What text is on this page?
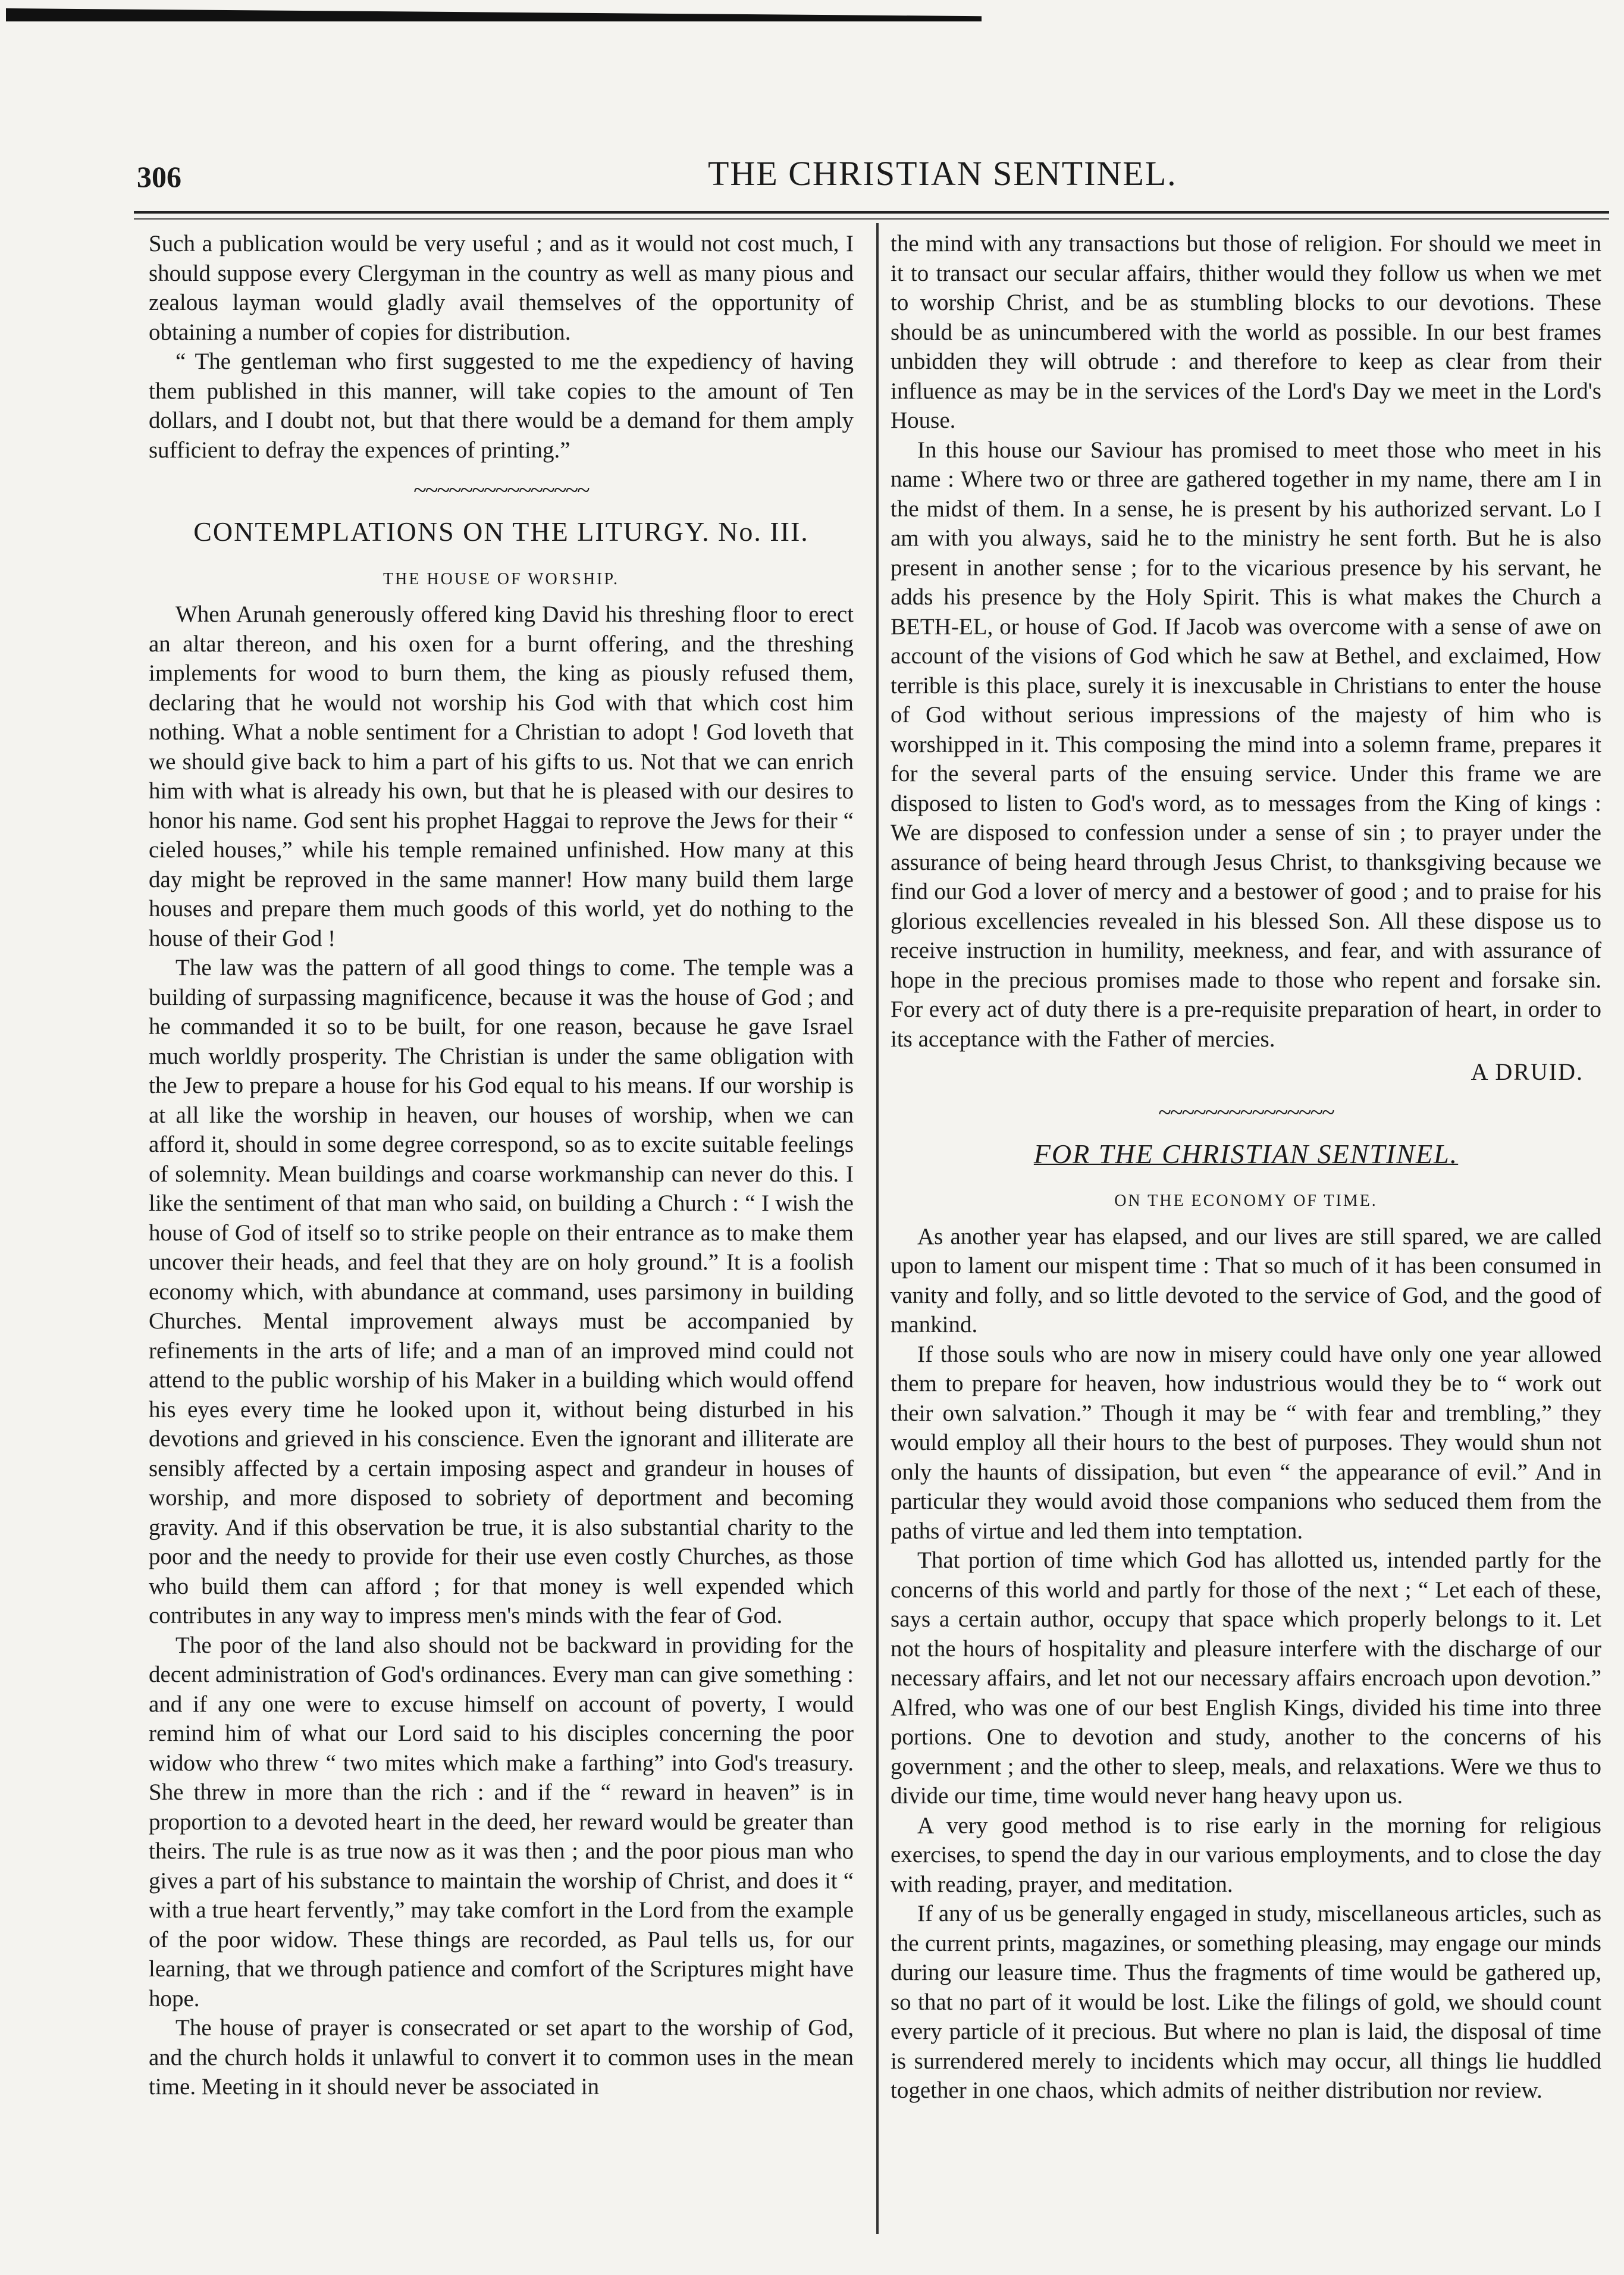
306	THE CHRISTIAN SENTINEL.

Such a publication would be very useful ; and as it would not cost much, I should suppose every Clergyman in the country as well as many pious and zealous layman would gladly avail themselves of the opportunity of obtaining a number of copies for distribution.

“ The gentleman who first suggested to me the expediency of having them published in this manner, will take copies to the amount of Ten dollars, and I doubt not, but that there would be a demand for them amply sufficient to defray the expences of printing.”

~~~~~~~~~~~~~~~
CONTEMPLATIONS ON THE LITURGY. No. III.
THE HOUSE OF WORSHIP.

When Arunah generously offered king David his threshing floor to erect an altar thereon, and his oxen for a burnt offering, and the threshing implements for wood to burn them, the king as piously refused them, declaring that he would not worship his God with that which cost him nothing. What a noble sentiment for a Christian to adopt ! God loveth that we should give back to him a part of his gifts to us. Not that we can enrich him with what is already his own, but that he is pleased with our desires to honor his name. God sent his prophet Haggai to reprove the Jews for their “ cieled houses,” while his temple remained unfinished. How many at this day might be reproved in the same manner! How many build them large houses and prepare them much goods of this world, yet do nothing to the house of their God !

The law was the pattern of all good things to come. The temple was a building of surpassing magnificence, because it was the house of God ; and he commanded it so to be built, for one reason, because he gave Israel much worldly prosperity. The Christian is under the same obligation with the Jew to prepare a house for his God equal to his means. If our worship is at all like the worship in heaven, our houses of worship, when we can afford it, should in some degree correspond, so as to excite suitable feelings of solemnity. Mean buildings and coarse workmanship can never do this. I like the sentiment of that man who said, on building a Church : “ I wish the house of God of itself so to strike people on their entrance as to make them uncover their heads, and feel that they are on holy ground.” It is a foolish economy which, with abundance at command, uses parsimony in building Churches. Mental improvement always must be accompanied by refinements in the arts of life; and a man of an improved mind could not attend to the public worship of his Maker in a building which would offend his eyes every time he looked upon it, without being disturbed in his devotions and grieved in his conscience. Even the ignorant and illiterate are sensibly affected by a certain imposing aspect and grandeur in houses of worship, and more disposed to sobriety of deportment and becoming gravity. And if this observation be true, it is also substantial charity to the poor and the needy to provide for their use even costly Churches, as those who build them can afford ; for that money is well expended which contributes in any way to impress men's minds with the fear of God.

The poor of the land also should not be backward in providing for the decent administration of God's ordinances. Every man can give something : and if any one were to excuse himself on account of poverty, I would remind him of what our Lord said to his disciples concerning the poor widow who threw “ two mites which make a farthing” into God's treasury. She threw in more than the rich : and if the “ reward in heaven” is in proportion to a devoted heart in the deed, her reward would be greater than theirs. The rule is as true now as it was then ; and the poor pious man who gives a part of his substance to maintain the worship of Christ, and does it “ with a true heart fervently,” may take comfort in the Lord from the example of the poor widow. These things are recorded, as Paul tells us, for our learning, that we through patience and comfort of the Scriptures might have hope.

The house of prayer is consecrated or set apart to the worship of God, and the church holds it unlawful to convert it to common uses in the mean time. Meeting in it should never be associated in

the mind with any transactions but those of religion. For should we meet in it to transact our secular affairs, thither would they follow us when we met to worship Christ, and be as stumbling blocks to our devotions. These should be as unincumbered with the world as possible. In our best frames unbidden they will obtrude : and therefore to keep as clear from their influence as may be in the services of the Lord's Day we meet in the Lord's House.

In this house our Saviour has promised to meet those who meet in his name : Where two or three are gathered together in my name, there am I in the midst of them. In a sense, he is present by his authorized servant. Lo I am with you always, said he to the ministry he sent forth. But he is also present in another sense ; for to the vicarious presence by his servant, he adds his presence by the Holy Spirit. This is what makes the Church a BETH-EL, or house of God. If Jacob was overcome with a sense of awe on account of the visions of God which he saw at Bethel, and exclaimed, How terrible is this place, surely it is inexcusable in Christians to enter the house of God without serious impressions of the majesty of him who is worshipped in it. This composing the mind into a solemn frame, prepares it for the several parts of the ensuing service. Under this frame we are disposed to listen to God's word, as to messages from the King of kings : We are disposed to confession under a sense of sin ; to prayer under the assurance of being heard through Jesus Christ, to thanksgiving because we find our God a lover of mercy and a bestower of good ; and to praise for his glorious excellencies revealed in his blessed Son. All these dispose us to receive instruction in humility, meekness, and fear, and with assurance of hope in the precious promises made to those who repent and forsake sin. For every act of duty there is a pre-requisite preparation of heart, in order to its acceptance with the Father of mercies.

A DRUID.
~~~~~~~~~~~~~~~
FOR THE CHRISTIAN SENTINEL.
ON THE ECONOMY OF TIME.

As another year has elapsed, and our lives are still spared, we are called upon to lament our mispent time : That so much of it has been consumed in vanity and folly, and so little devoted to the service of God, and the good of mankind.

If those souls who are now in misery could have only one year allowed them to prepare for heaven, how industrious would they be to “ work out their own salvation.” Though it may be “ with fear and trembling,” they would employ all their hours to the best of purposes. They would shun not only the haunts of dissipation, but even “ the appearance of evil.” And in particular they would avoid those companions who seduced them from the paths of virtue and led them into temptation.

That portion of time which God has allotted us, intended partly for the concerns of this world and partly for those of the next ; “ Let each of these, says a certain author, occupy that space which properly belongs to it. Let not the hours of hospitality and pleasure interfere with the discharge of our necessary affairs, and let not our necessary affairs encroach upon devotion.” Alfred, who was one of our best English Kings, divided his time into three portions. One to devotion and study, another to the concerns of his government ; and the other to sleep, meals, and relaxations. Were we thus to divide our time, time would never hang heavy upon us.

A very good method is to rise early in the morning for religious exercises, to spend the day in our various employments, and to close the day with reading, prayer, and meditation.

If any of us be generally engaged in study, miscellaneous articles, such as the current prints, magazines, or something pleasing, may engage our minds during our leasure time. Thus the fragments of time would be gathered up, so that no part of it would be lost. Like the filings of gold, we should count every particle of it precious. But where no plan is laid, the disposal of time is surrendered merely to incidents which may occur, all things lie huddled together in one chaos, which admits of neither distribution nor review.
